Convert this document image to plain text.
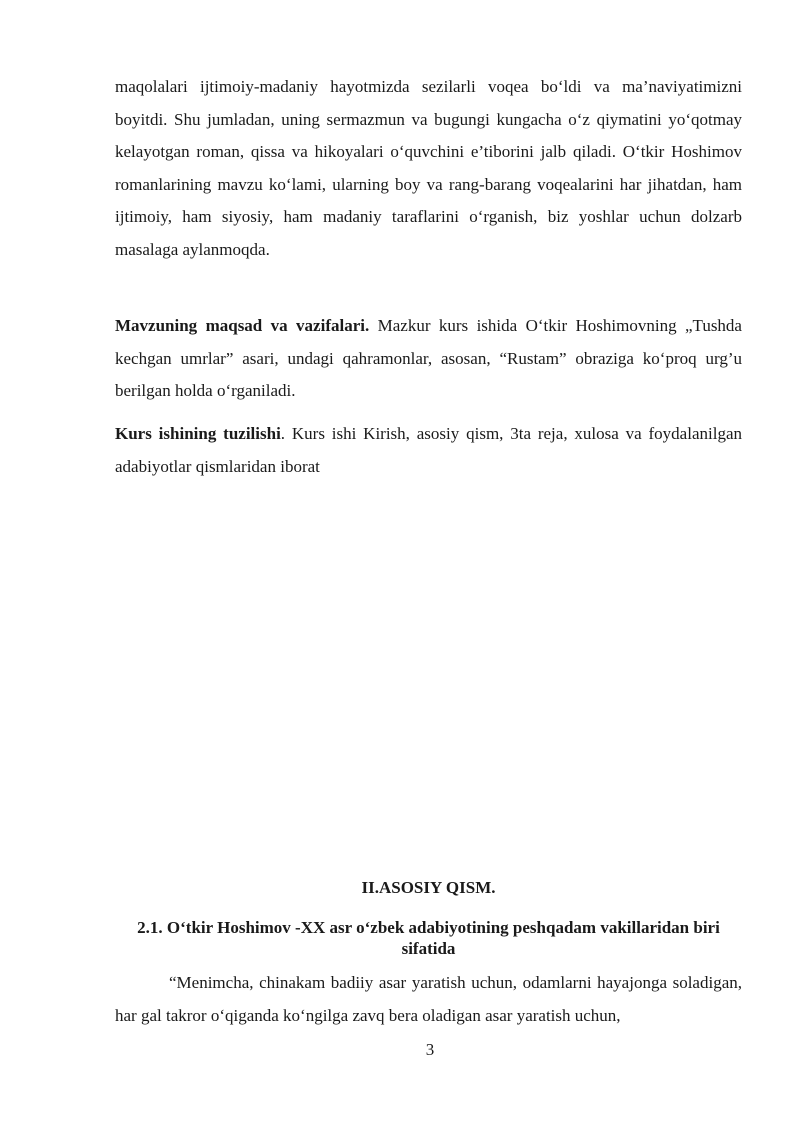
maqolalari ijtimoiy-madaniy hayotmizda sezilarli voqea bo‘ldi va ma’naviyatimizni boyitdi. Shu jumladan, uning sermazmun va bugungi kungacha o‘z qiymatini yo‘qotmay kelayotgan roman, qissa va hikoyalari o‘quvchini e’tiborini jalb qiladi. O‘tkir Hoshimov romanlarining mavzu ko‘lami, ularning boy va rang-barang voqealarini har jihatdan, ham ijtimoiy, ham siyosiy, ham madaniy taraflarini o‘rganish, biz yoshlar uchun dolzarb masalaga aylanmoqda.

Mavzuning maqsad va vazifalari. Mazkur kurs ishida O‘tkir Hoshimovning „Tushda kechgan umrlar” asari, undagi qahramonlar, asosan, “Rustam” obraziga ko‘proq urg’u berilgan holda o‘rganiladi.

Kurs ishining tuzilishi. Kurs ishi Kirish, asosiy qism, 3ta reja, xulosa va foydalanilgan adabiyotlar qismlaridan iborat

II.ASOSIY QISM.
2.1. O‘tkir Hoshimov -XX asr o‘zbek adabiyotining peshqadam vakillaridan biri sifatida

“Menimcha, chinakam badiiy asar yaratish uchun, odamlarni hayajonga soladigan, har gal takror o‘qiganda ko‘ngilga zavq bera oladigan asar yaratish uchun,

3
